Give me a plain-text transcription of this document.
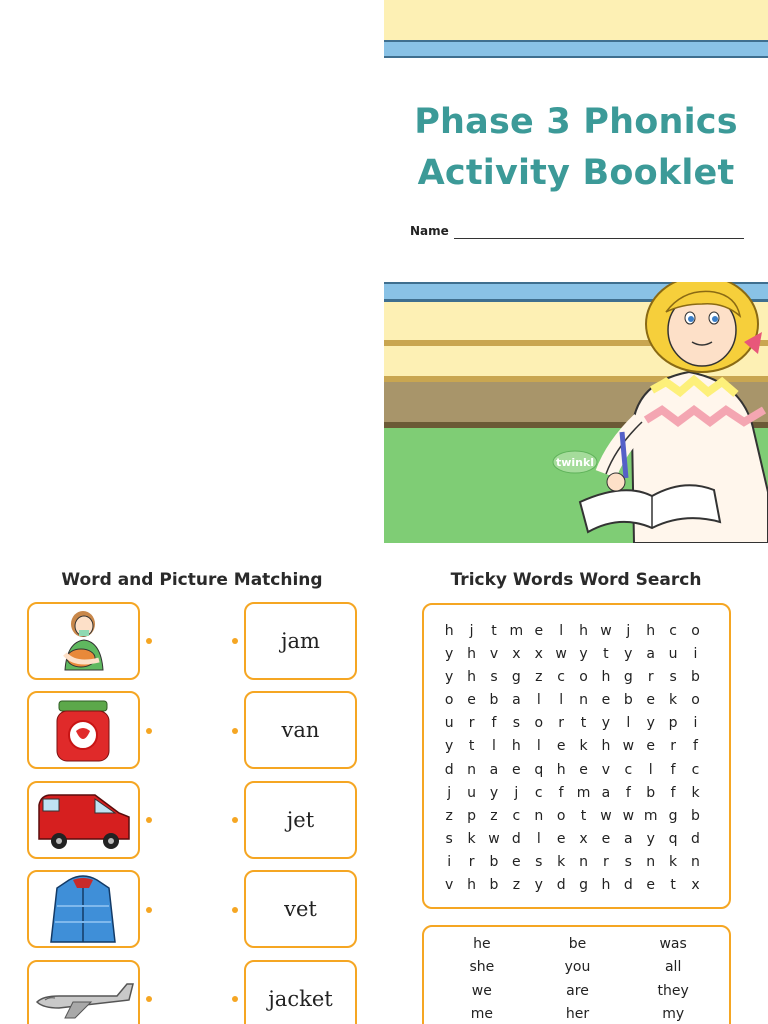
Phase 3 Phonics
Activity Booklet
Name
twinkl
Word and Picture Matching
jam
van
jet
vet
jacket
Tricky Words Word Search
h	j	t m e	l	h w	j	h	c	o
y h v	x	x w y	t	y a u	i
y h	s	g	z	c	o h g	r	s	b
o e b a	l	l	n e b e	k	o
u	r	f	s	o	r	t	y	l	y p	i
y	t	l	h	l	e	k h w e	r	f
d n a e q h e v	c	l	f	c
j	u y	j	c	f m a	f	b	f	k
z	p	z	c	n o	t w w m g b
s	k w d	l	e x e a y q d
i	r	b e	s	k n	r	s	n k n
v h b	z	y d g h d e	t	x
he	be	was
she	you	all
we	are	they
me	her	my
